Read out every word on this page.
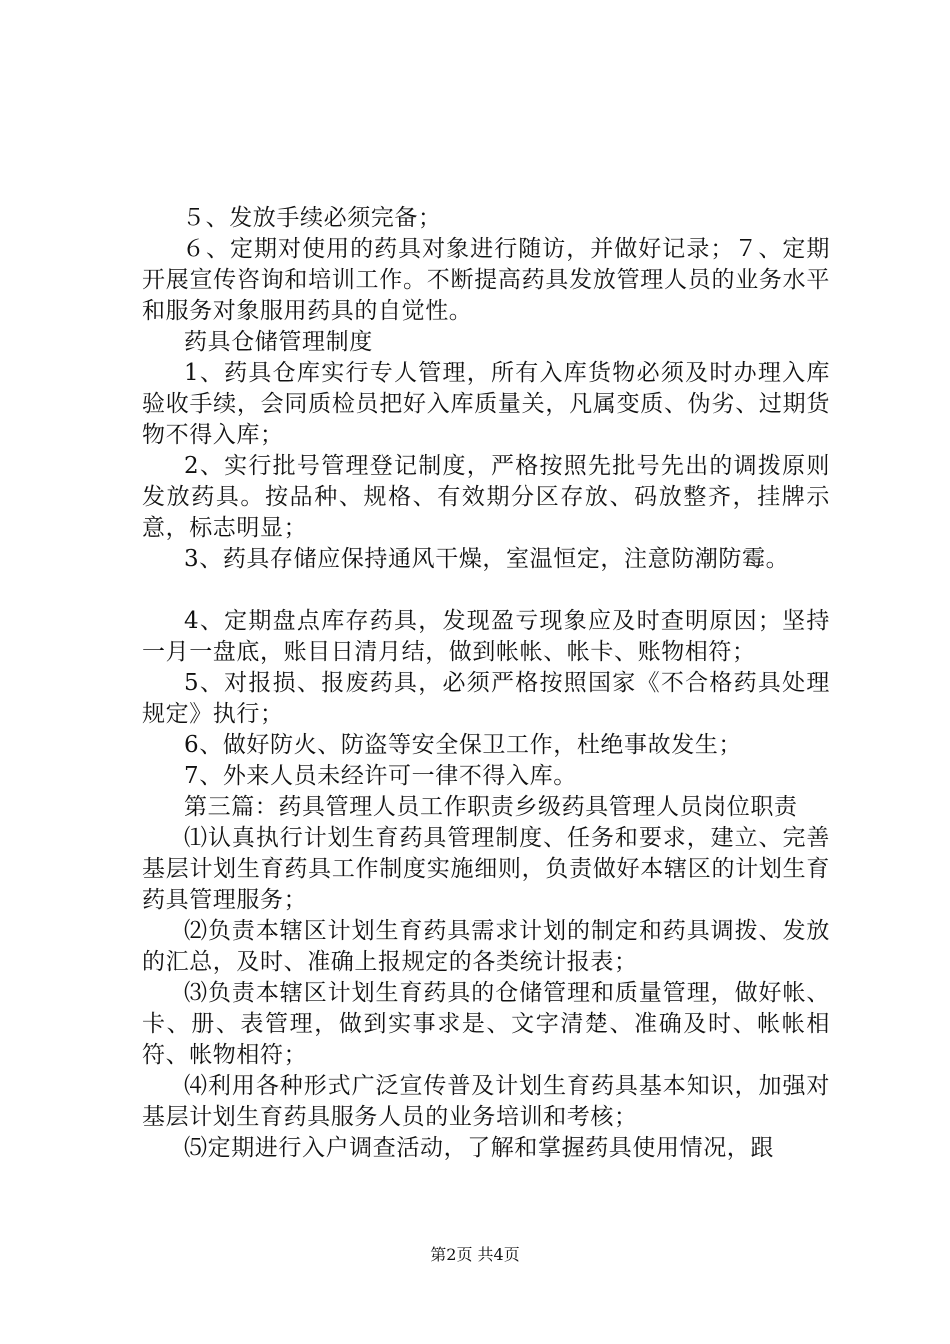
５、发放手续必须完备；

６、定期对使用的药具对象进行随访，并做好记录；７、定期开展宣传咨询和培训工作。不断提高药具发放管理人员的业务水平和服务对象服用药具的自觉性。

药具仓储管理制度

1、药具仓库实行专人管理，所有入库货物必须及时办理入库验收手续，会同质检员把好入库质量关，凡属变质、伪劣、过期货物不得入库；

2、实行批号管理登记制度，严格按照先批号先出的调拨原则发放药具。按品种、规格、有效期分区存放、码放整齐，挂牌示意，标志明显；

3、药具存储应保持通风干燥，室温恒定，注意防潮防霉。

4、定期盘点库存药具，发现盈亏现象应及时查明原因；坚持一月一盘底，账目日清月结，做到帐帐、帐卡、账物相符；

5、对报损、报废药具，必须严格按照国家《不合格药具处理规定》执行；

6、做好防火、防盗等安全保卫工作，杜绝事故发生；

7、外来人员未经许可一律不得入库。

第三篇：药具管理人员工作职责乡级药具管理人员岗位职责

⑴认真执行计划生育药具管理制度、任务和要求，建立、完善基层计划生育药具工作制度实施细则，负责做好本辖区的计划生育药具管理服务；

⑵负责本辖区计划生育药具需求计划的制定和药具调拨、发放的汇总，及时、准确上报规定的各类统计报表；

⑶负责本辖区计划生育药具的仓储管理和质量管理，做好帐、卡、册、表管理，做到实事求是、文字清楚、准确及时、帐帐相符、帐物相符；

⑷利用各种形式广泛宣传普及计划生育药具基本知识，加强对基层计划生育药具服务人员的业务培训和考核；

⑸定期进行入户调查活动，了解和掌握药具使用情况，跟

第2页 共4页
